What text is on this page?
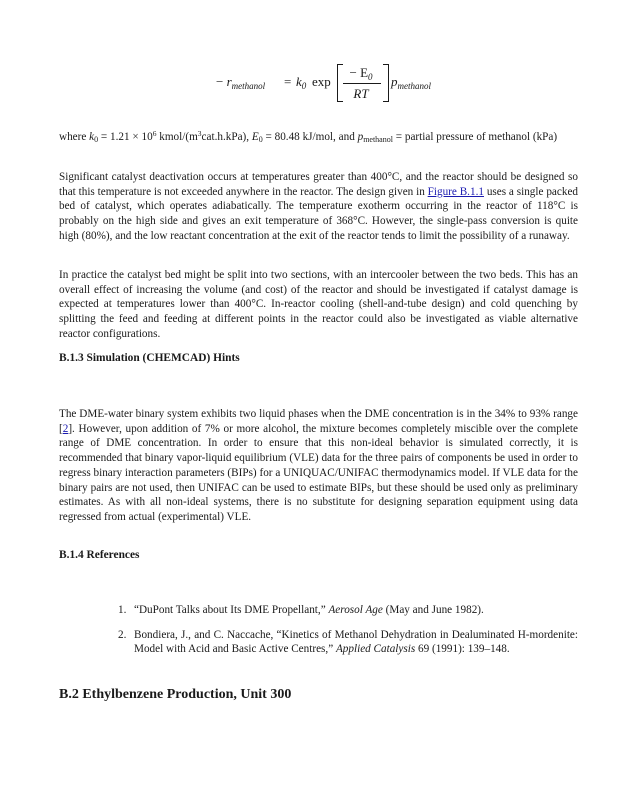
− $r_{methanol} = k_0$ exp
− $E_0$
RT
$p_{methanol}$
where $k_0 = 1.21 \times 10^6$ kmol/$(m^3cat.h.kPa)$, $E_0 = 80.48$ kJ/mol, and $p_{methanol}$ = partial pressure of methanol (kPa)
Significant catalyst deactivation occurs at temperatures greater than 400°C, and the reactor should be designed so that this temperature is not exceeded anywhere in the reactor. The design given in Figure B.1.1 uses a single packed bed of catalyst, which operates adiabatically. The temperature exotherm occurring in the reactor of 118°C is probably on the high side and gives an exit temperature of 368°C. However, the single-pass conversion is quite high (80%), and the low reactant concentration at the exit of the reactor tends to limit the possibility of a runaway.
In practice the catalyst bed might be split into two sections, with an intercooler between the two beds. This has an overall effect of increasing the volume (and cost) of the reactor and should be investigated if catalyst damage is expected at temperatures lower than 400°C. In-reactor cooling (shell-and-tube design) and cold quenching by splitting the feed and feeding at different points in the reactor could also be investigated as viable alternative reactor configurations.
B.1.3 Simulation (CHEMCAD) Hints
The DME-water binary system exhibits two liquid phases when the DME concentration is in the 34% to 93% range [2]. However, upon addition of 7% or more alcohol, the mixture becomes completely miscible over the complete range of DME concentration. In order to ensure that this non-ideal behavior is simulated correctly, it is recommended that binary vapor-liquid equilibrium (VLE) data for the three pairs of components be used in order to regress binary interaction parameters (BIPs) for a UNIQUAC/UNIFAC thermodynamics model. If VLE data for the binary pairs are not used, then UNIFAC can be used to estimate BIPs, but these should be used only as preliminary estimates. As with all non-ideal systems, there is no substitute for designing separation equipment using data regressed from actual (experimental) VLE.
B.1.4 References
1. “DuPont Talks about Its DME Propellant,” Aerosol Age (May and June 1982).
2. Bondiera, J., and C. Naccache, “Kinetics of Methanol Dehydration in Dealuminated H-mordenite: Model with Acid and Basic Active Centres,” Applied Catalysis 69 (1991): 139–148.
B.2 Ethylbenzene Production, Unit 300
